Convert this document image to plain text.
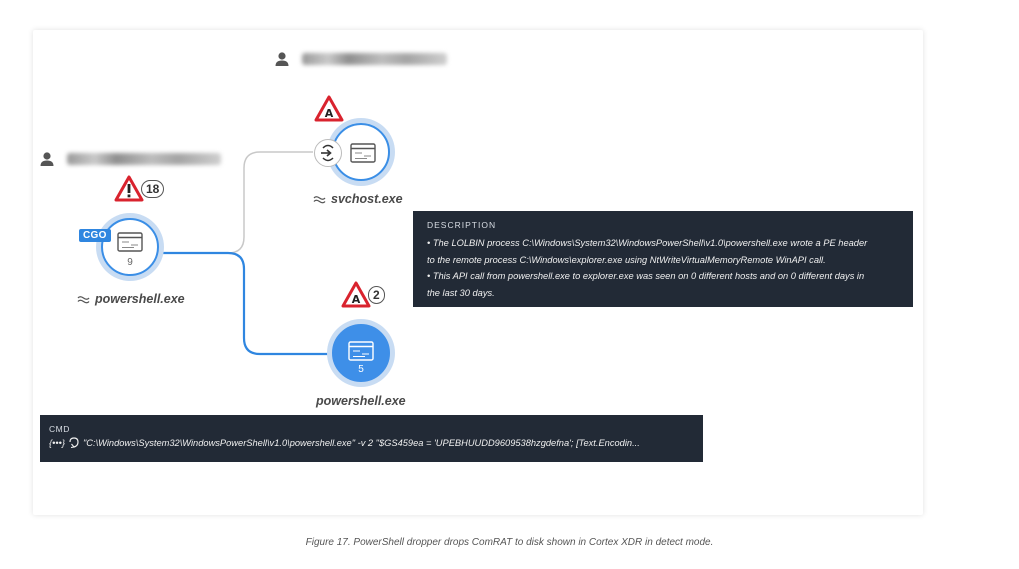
18
9
CGO
powershell.exe
A
svchost.exe
A	2
5
powershell.exe
DESCRIPTION
• The LOLBIN process C:\Windows\System32\WindowsPowerShell\v1.0\powershell.exe wrote a PE header
to the remote process C:\Windows\explorer.exe using NtWriteVirtualMemoryRemote WinAPI call.
• This API call from powershell.exe to explorer.exe was seen on 0 different hosts and on 0 different days in
the last 30 days.
CMD
{•••} "C:\Windows\System32\WindowsPowerShell\v1.0\powershell.exe" -v 2 "$GS459ea = 'UPEBHUUDD9609538hzgdefna'; [Text.Encodin...
Figure 17. PowerShell dropper drops ComRAT to disk shown in Cortex XDR in detect mode.
